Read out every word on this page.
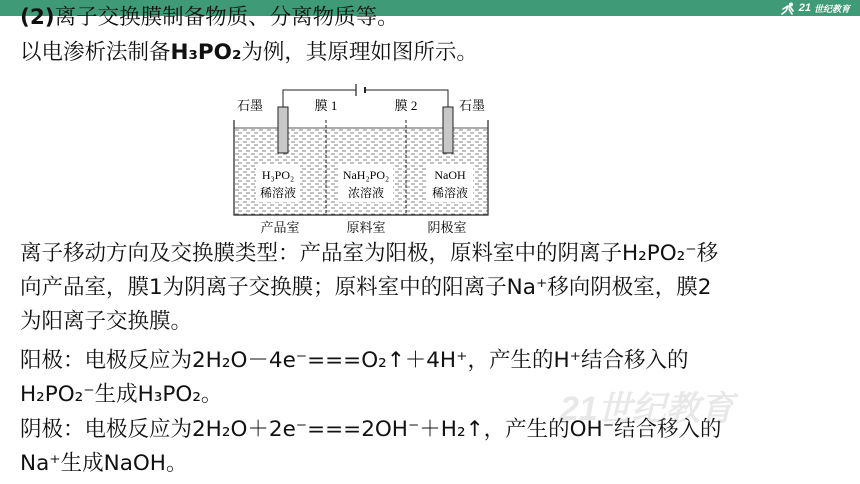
21 世纪教育
(2)离子交换膜制备物质、分离物质等。
以电渗析法制备H₃PO₂为例，其原理如图所示。
石墨	膜 1	膜 2	石墨
H₃PO₂
稀溶液
NaH₂PO₂
浓溶液
NaOH
稀溶液
产品室	原料室	阴极室
离子移动方向及交换膜类型：产品室为阳极，原料室中的阴离子H₂PO₂⁻移
向产品室，膜1为阴离子交换膜；原料室中的阳离子Na⁺移向阴极室，膜2
为阳离子交换膜。
阳极：电极反应为2H₂O－4e⁻===O₂↑＋4H⁺，产生的H⁺结合移入的
H₂PO₂⁻生成H₃PO₂。
阴极：电极反应为2H₂O＋2e⁻===2OH⁻＋H₂↑，产生的OH⁻结合移入的
Na⁺生成NaOH。
21世纪教育
